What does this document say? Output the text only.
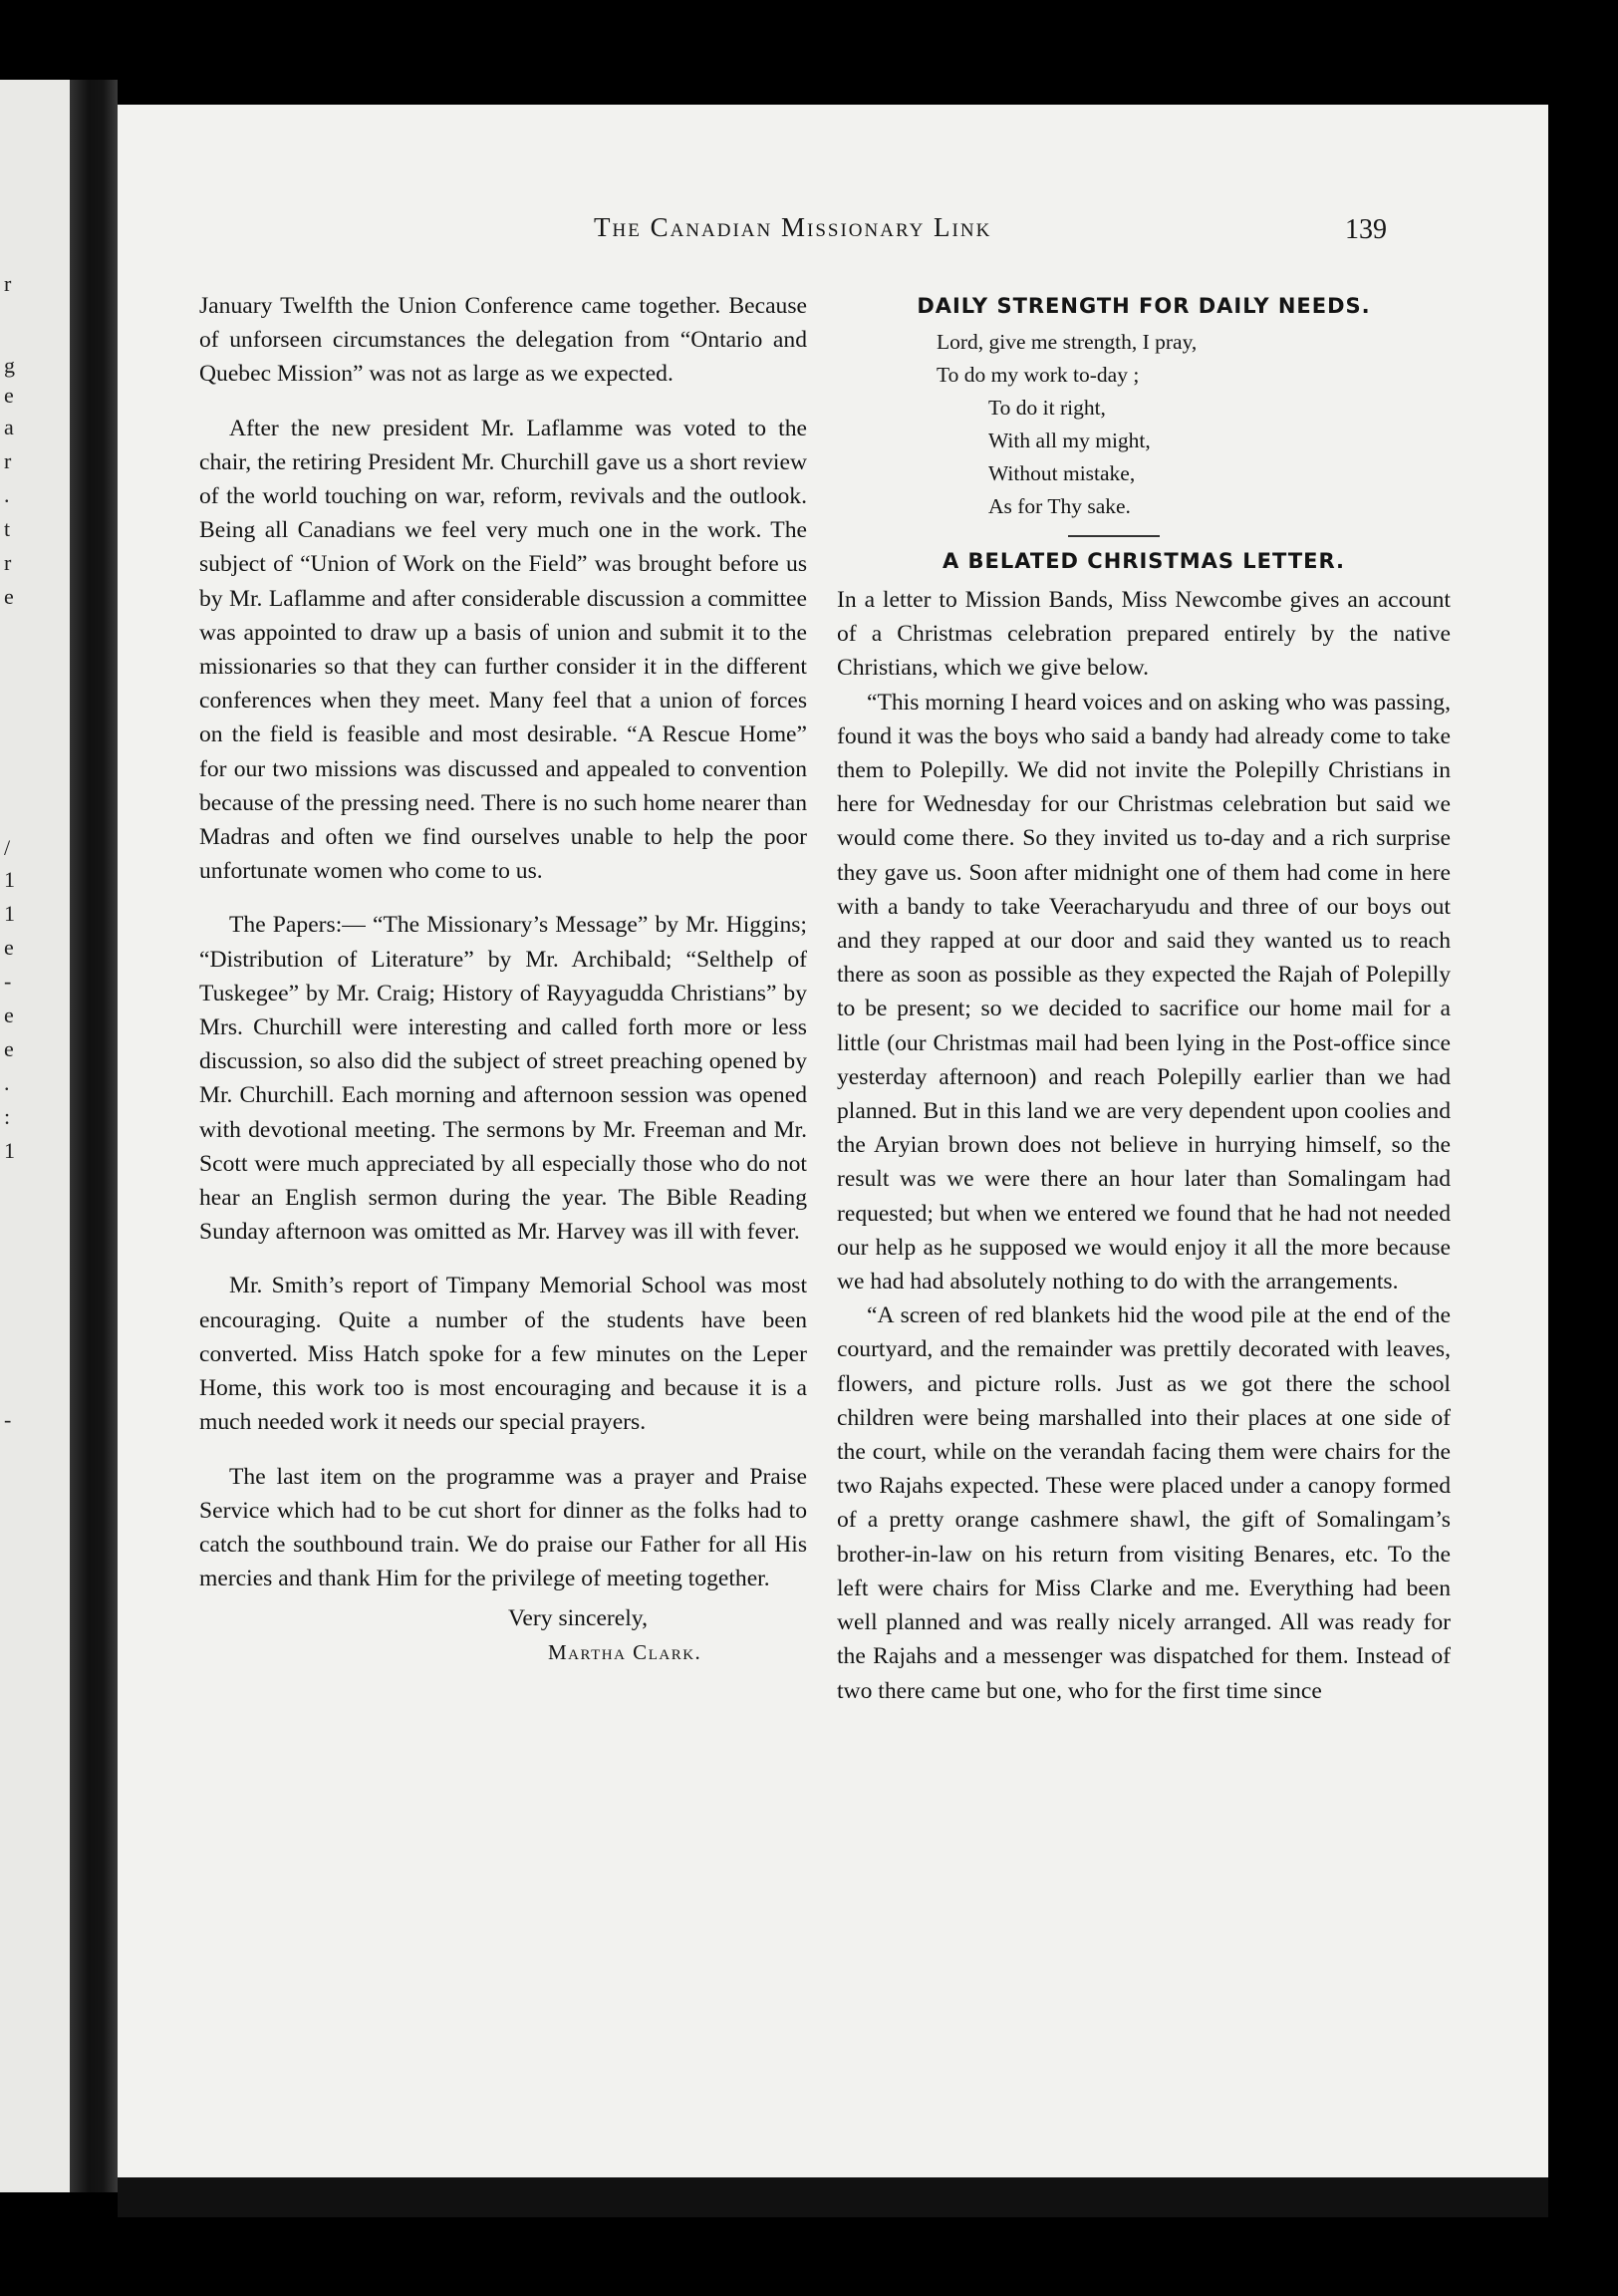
The Canadian Missionary Link	139

January Twelfth the Union Conference came together. Because of unforseen circumstances the delegation from “Ontario and Quebec Mission” was not as large as we expected.

After the new president Mr. Laflamme was voted to the chair, the retiring President Mr. Churchill gave us a short review of the world touching on war, reform, revivals and the outlook. Being all Canadians we feel very much one in the work. The subject of “Union of Work on the Field” was brought before us by Mr. Laflamme and after considerable discussion a committee was appointed to draw up a basis of union and submit it to the missionaries so that they can further consider it in the different conferences when they meet. Many feel that a union of forces on the field is feasible and most desirable. “A Rescue Home” for our two missions was discussed and appealed to convention because of the pressing need. There is no such home nearer than Madras and often we find ourselves unable to help the poor unfortunate women who come to us.

The Papers:— “The Missionary’s Message” by Mr. Higgins; “Distribution of Literature” by Mr. Archibald; “Selthelp of Tuskegee” by Mr. Craig; History of Rayyagudda Christians” by Mrs. Churchill were interesting and called forth more or less discussion, so also did the subject of street preaching opened by Mr. Churchill. Each morning and afternoon session was opened with devotional meeting. The sermons by Mr. Freeman and Mr. Scott were much appreciated by all especially those who do not hear an English sermon during the year. The Bible Reading Sunday afternoon was omitted as Mr. Harvey was ill with fever.

Mr. Smith’s report of Timpany Memorial School was most encouraging. Quite a number of the students have been converted. Miss Hatch spoke for a few minutes on the Leper Home, this work too is most encouraging and because it is a much needed work it needs our special prayers.

The last item on the programme was a prayer and Praise Service which had to be cut short for dinner as the folks had to catch the southbound train. We do praise our Father for all His mercies and thank Him for the privilege of meeting together.

Very sincerely,
Martha Clark.
DAILY STRENGTH FOR DAILY NEEDS.
Lord, give me strength, I pray,
To do my work to-day ;
To do it right,
With all my might,
Without mistake,
As for Thy sake.
A BELATED CHRISTMAS LETTER.

In a letter to Mission Bands, Miss Newcombe gives an account of a Christmas celebration prepared entirely by the native Christians, which we give below.

“This morning I heard voices and on asking who was passing, found it was the boys who said a bandy had already come to take them to Polepilly. We did not invite the Polepilly Christians in here for Wednesday for our Christmas celebration but said we would come there. So they invited us to-day and a rich surprise they gave us. Soon after midnight one of them had come in here with a bandy to take Veeracharyudu and three of our boys out and they rapped at our door and said they wanted us to reach there as soon as possible as they expected the Rajah of Polepilly to be present; so we decided to sacrifice our home mail for a little (our Christmas mail had been lying in the Post-office since yesterday afternoon) and reach Polepilly earlier than we had planned. But in this land we are very dependent upon coolies and the Aryian brown does not believe in hurrying himself, so the result was we were there an hour later than Somalingam had requested; but when we entered we found that he had not needed our help as he supposed we would enjoy it all the more because we had had absolutely nothing to do with the arrangements.

“A screen of red blankets hid the wood pile at the end of the courtyard, and the remainder was prettily decorated with leaves, flowers, and picture rolls. Just as we got there the school children were being marshalled into their places at one side of the court, while on the verandah facing them were chairs for the two Rajahs expected. These were placed under a canopy formed of a pretty orange cashmere shawl, the gift of Somalingam’s brother-in-law on his return from visiting Benares, etc. To the left were chairs for Miss Clarke and me. Everything had been well planned and was really nicely arranged. All was ready for the Rajahs and a messenger was dispatched for them. Instead of two there came but one, who for the first time since

r
g
e
a
r
.
t
r
e
/
1
1
e
-
e
e
.
:
1
-
